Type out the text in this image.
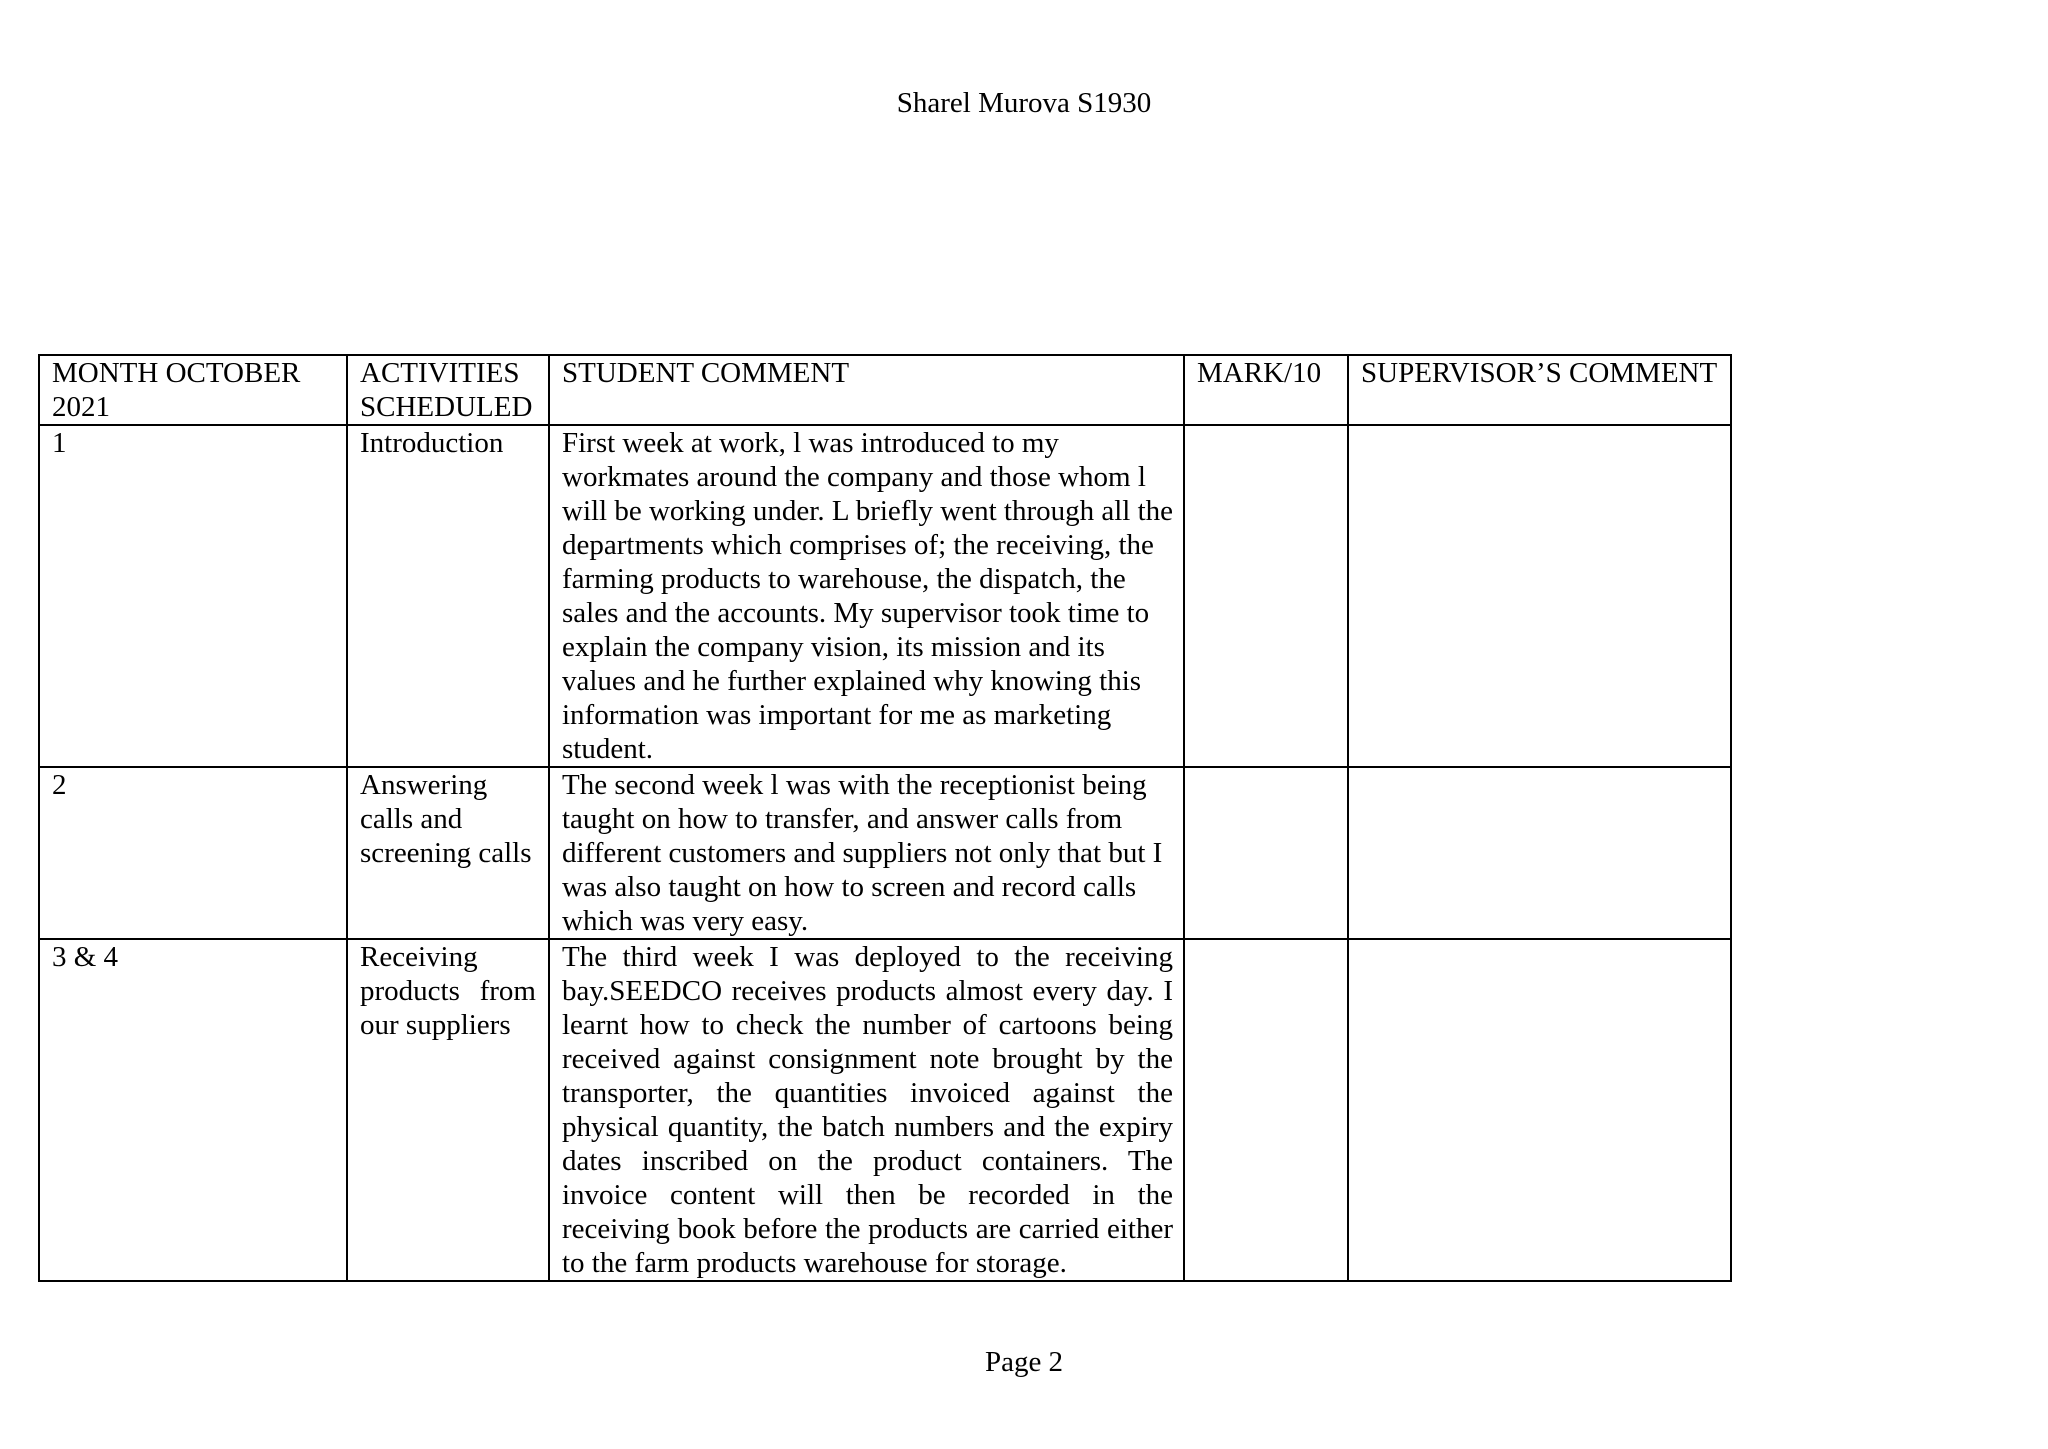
Sharel Murova S1930
MONTH OCTOBER 2021	ACTIVITIES SCHEDULED	STUDENT COMMENT	MARK/10	SUPERVISOR’S COMMENT
1	Introduction	First week at work, l was introduced to my workmates around the company and those whom l will be working under. L briefly went through all the departments which comprises of; the receiving, the farming products to warehouse, the dispatch, the sales and the accounts. My supervisor took time to explain the company vision, its mission and its values and he further explained why knowing this information was important for me as marketing student.		
2	Answering calls and screening calls	The second week l was with the receptionist being taught on how to transfer, and answer calls from different customers and suppliers not only that but I was also taught on how to screen and record calls which was very easy.		
3 & 4	Receiving products from our suppliers	The third week I was deployed to the receiving bay.SEEDCO receives products almost every day. I learnt how to check the number of cartoons being received against consignment note brought by the transporter, the quantities invoiced against the physical quantity, the batch numbers and the expiry dates inscribed on the product containers. The invoice content will then be recorded in the receiving book before the products are carried either to the farm products warehouse for storage.		
Page 2
